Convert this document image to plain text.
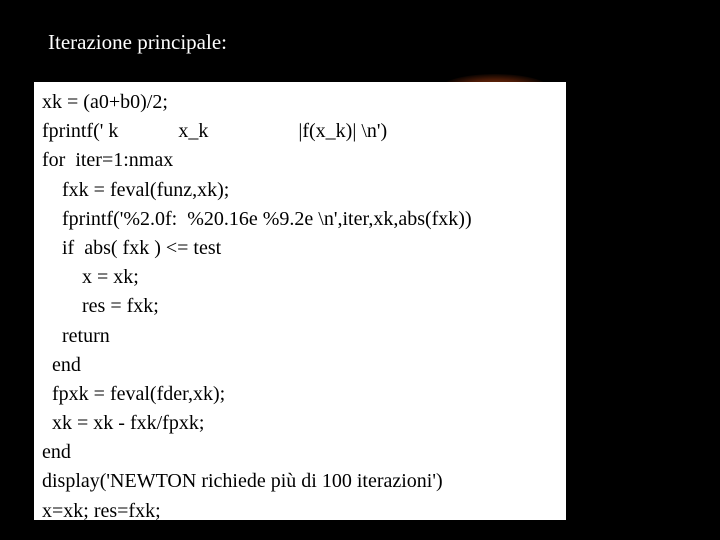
Iterazione principale:
xk = (a0+b0)/2;
fprintf(' k            x_k                  |f(x_k)| \n')
for  iter=1:nmax
fxk = feval(funz,xk);
fprintf('%2.0f:  %20.16e %9.2e \n',iter,xk,abs(fxk))
if  abs( fxk ) <= test
x = xk;
res = fxk;
return
end
fpxk = feval(fder,xk);
xk = xk - fxk/fpxk;
end
display('NEWTON richiede più di 100 iterazioni')
x=xk; res=fxk;
